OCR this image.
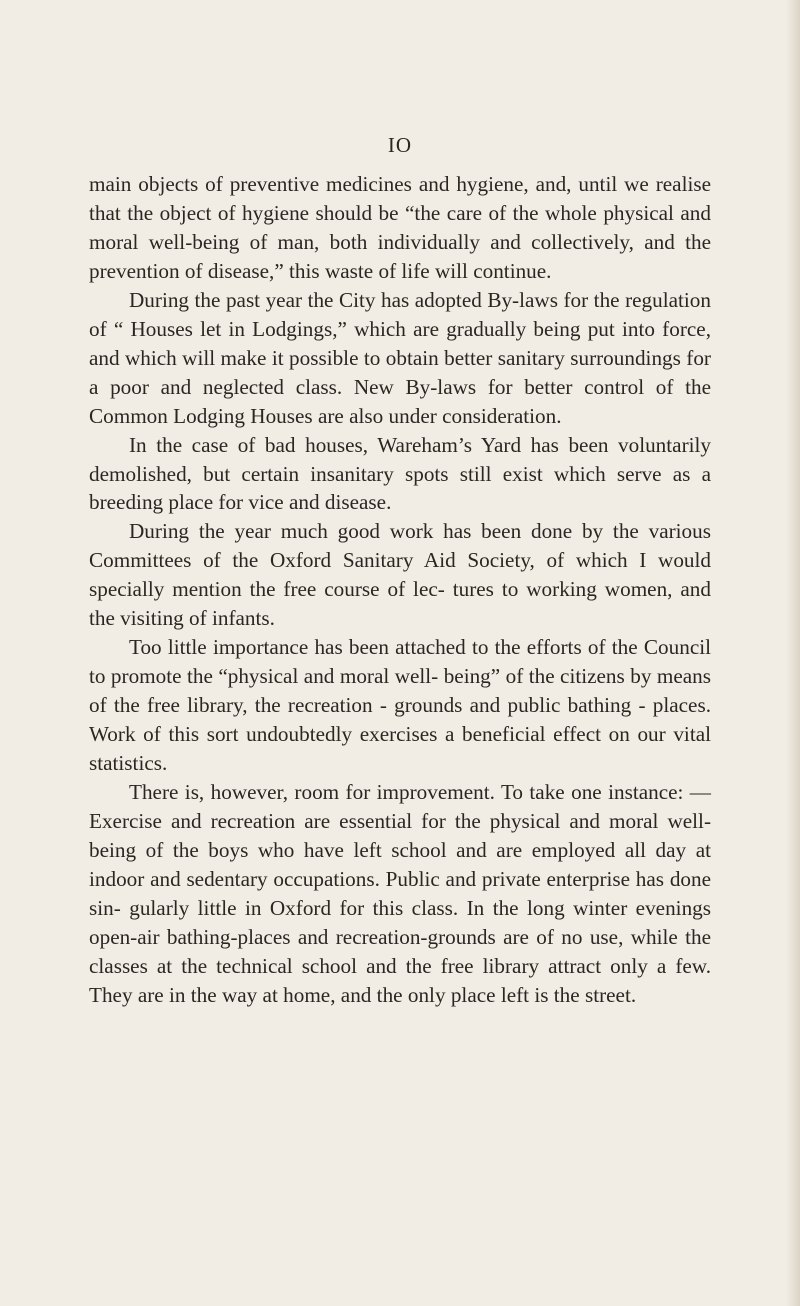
IO

main objects of preventive medicines and hygiene, and, until we realise that the object of hygiene should be “the care of the whole physical and moral well-being of man, both individually and collectively, and the prevention of disease,” this waste of life will continue.

During the past year the City has adopted By-laws for the regulation of “ Houses let in Lodgings,” which are gradually being put into force, and which will make it possible to obtain better sanitary surroundings for a poor and neglected class. New By-laws for better control of the Common Lodging Houses are also under consideration.

In the case of bad houses, Wareham’s Yard has been voluntarily demolished, but certain insanitary spots still exist which serve as a breeding place for vice and disease.

During the year much good work has been done by the various Committees of the Oxford Sanitary Aid Society, of which I would specially mention the free course of lec- tures to working women, and the visiting of infants.

Too little importance has been attached to the efforts of the Council to promote the “physical and moral well- being” of the citizens by means of the free library, the recreation - grounds and public bathing - places. Work of this sort undoubtedly exercises a beneficial effect on our vital statistics.

There is, however, room for improvement. To take one instance: — Exercise and recreation are essential for the physical and moral well-being of the boys who have left school and are employed all day at indoor and sedentary occupations. Public and private enterprise has done sin- gularly little in Oxford for this class. In the long winter evenings open-air bathing-places and recreation-grounds are of no use, while the classes at the technical school and the free library attract only a few. They are in the way at home, and the only place left is the street.
